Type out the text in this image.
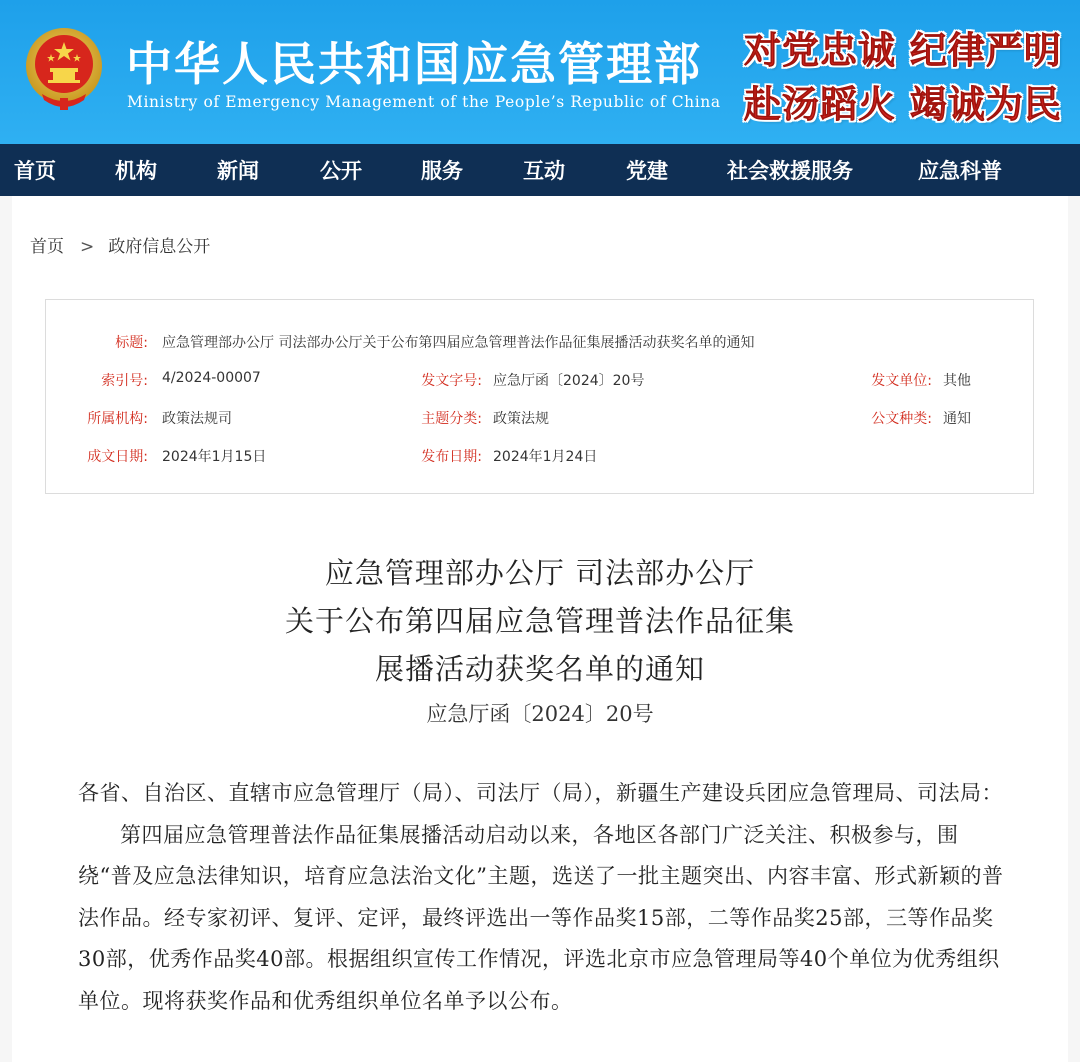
中华人民共和国应急管理部
Ministry of Emergency Management of the People’s Republic of China
对党忠诚 纪律严明
赴汤蹈火 竭诚为民
首页	机构	新闻	公开	服务	互动	党建	社会救援服务	应急科普
首页 > 政府信息公开
标题: 应急管理部办公厅 司法部办公厅关于公布第四届应急管理普法作品征集展播活动获奖名单的通知
索引号: 4/2024-00007	发文字号: 应急厅函〔2024〕20号	发文单位: 其他
所属机构: 政策法规司	主题分类: 政策法规	公文种类: 通知
成文日期: 2024年1月15日	发布日期: 2024年1月24日
应急管理部办公厅 司法部办公厅
关于公布第四届应急管理普法作品征集
展播活动获奖名单的通知
应急厅函〔2024〕20号

各省、自治区、直辖市应急管理厅（局）、司法厅（局），新疆生产建设兵团应急管理局、司法局：

第四届应急管理普法作品征集展播活动启动以来，各地区各部门广泛关注、积极参与，围绕“普及应急法律知识，培育应急法治文化”主题，选送了一批主题突出、内容丰富、形式新颖的普法作品。经专家初评、复评、定评，最终评选出一等作品奖15部，二等作品奖25部，三等作品奖30部，优秀作品奖40部。根据组织宣传工作情况，评选北京市应急管理局等40个单位为优秀组织单位。现将获奖作品和优秀组织单位名单予以公布。
